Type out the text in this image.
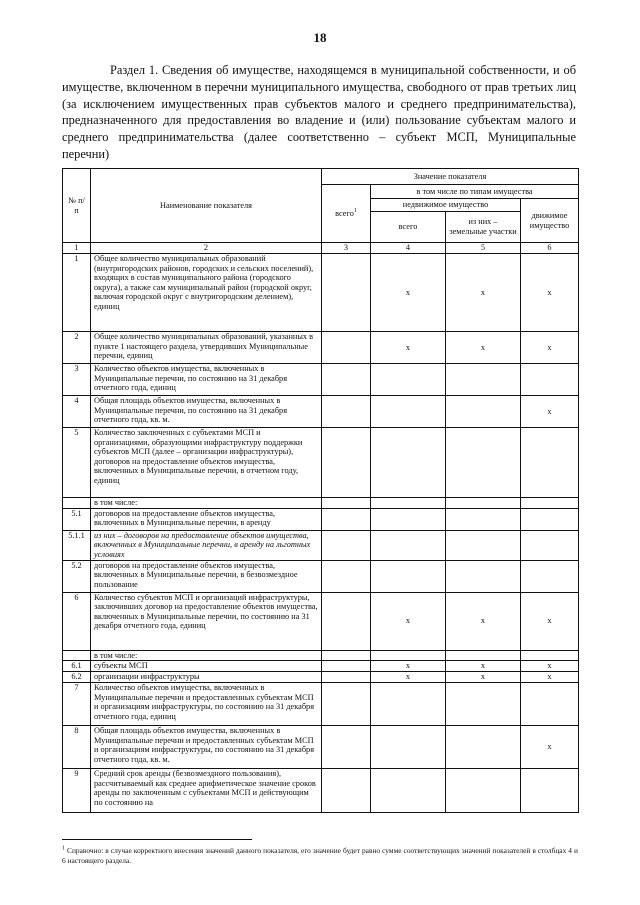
18
Раздел 1. Сведения об имуществе, находящемся в муниципальной собственности, и об имуществе, включенном в перечни муниципального имущества, свободного от прав третьих лиц (за исключением имущественных прав субъектов малого и среднего предпринимательства), предназначенного для предоставления во владение и (или) пользование субъектам малого и среднего предпринимательства (далее соответственно – субъект МСП, Муниципальные перечни)
№ п/п	Наименование показателя	Значение показателя			
		всего$^1$	в том числе по типам имущества		
			недвижимое имущество		движимое имущество
			всего	из них – земельные участки	
1	2	3	4	5	6
1	Общее количество муниципальных образований (внутригородских районов, городских и сельских поселений), входящих в состав муниципального района (городского округа), а также сам муниципальный район (городской округ, включая городской округ с внутригородским делением), единиц		x	x	x
2	Общее количество муниципальных образований, указанных в пункте 1 настоящего раздела, утвердивших Муниципальные перечни, единиц		x	x	x
3	Количество объектов имущества, включенных в Муниципальные перечни, по состоянию на 31 декабря отчетного года, единиц				
4	Общая площадь объектов имущества, включенных в Муниципальные перечни, по состоянию на 31 декабря отчетного года, кв. м.				x
5	Количество заключенных с субъектами МСП и организациями, образующими инфраструктуру поддержки субъектов МСП (далее – организации инфраструктуры), договоров на предоставление объектов имущества, включенных в Муниципальные перечни, в отчетном году, единиц				
	в том числе:				
5.1	договоров на предоставление объектов имущества, включенных в Муниципальные перечни, в аренду				
5.1.1	из них – договоров на предоставление объектов имущества, включенных в Муниципальные перечни, в аренду на льготных условиях				
5.2	договоров на предоставление объектов имущества, включенных в Муниципальные перечни, в безвозмездное пользование				
6	Количество субъектов МСП и организаций инфраструктуры, заключивших договор на предоставление объектов имущества, включенных в Муниципальные перечни, по состоянию на 31 декабря отчетного года, единиц		x	x	x
	в том числе:				
6.1	субъекты МСП		x	x	x
6.2	организации инфраструктуры		x	x	x
7	Количество объектов имущества, включенных в Муниципальные перечни и предоставленных субъектам МСП и организациям инфраструктуры, по состоянию на 31 декабря отчетного года, единиц				
8	Общая площадь объектов имущества, включенных в Муниципальные перечни и предоставленных субъектам МСП и организациям инфраструктуры, по состоянию на 31 декабря отчетного года, кв. м.				x
9	Средний срок аренды (безвозмездного пользования), рассчитываемый как среднее арифметическое значение сроков аренды по заключенным с субъектами МСП и действующим по состоянию на				
$^1$ Справочно: в случае корректного внесения значений данного показателя, его значение будет равно сумме соответствующих значений показателей в столбцах 4 и 6 настоящего раздела.
